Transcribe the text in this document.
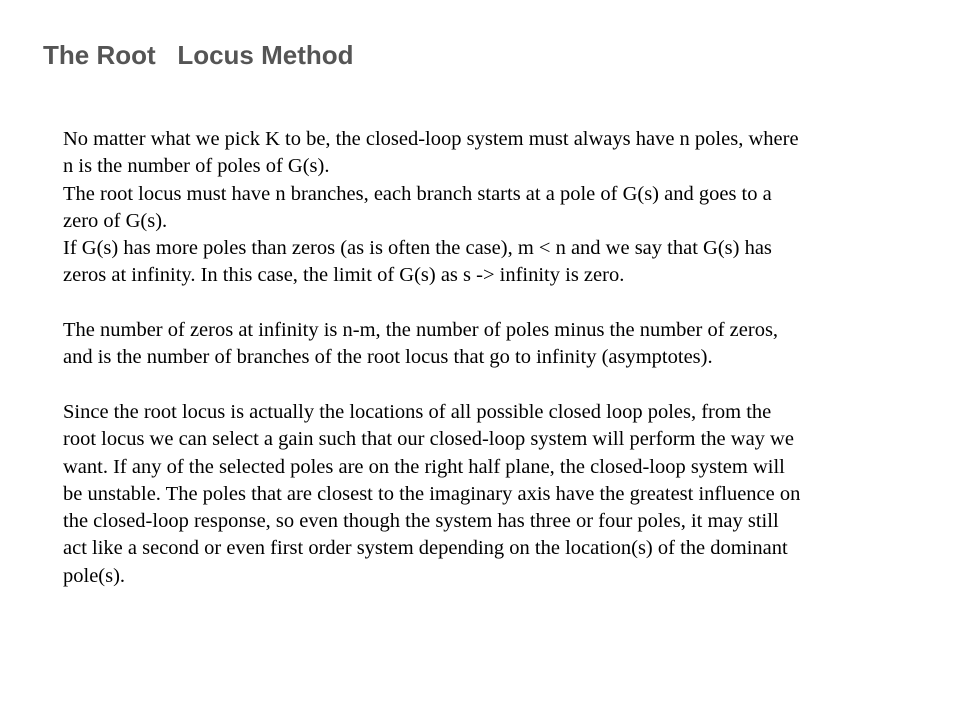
The Root   Locus Method

No matter what we pick K to be, the closed-loop system must always have n poles, where
n is the number of poles of G(s).
The root locus must have n branches, each branch starts at a pole of G(s) and goes to a
zero of G(s).
If G(s) has more poles than zeros (as is often the case), m < n and we say that G(s) has
zeros at infinity. In this case, the limit of G(s) as s -> infinity is zero.

The number of zeros at infinity is n-m, the number of poles minus the number of zeros,
and is the number of branches of the root locus that go to infinity (asymptotes).

Since the root locus is actually the locations of all possible closed loop poles, from the
root locus we can select a gain such that our closed-loop system will perform the way we
want. If any of the selected poles are on the right half plane, the closed-loop system will
be unstable. The poles that are closest to the imaginary axis have the greatest influence on
the closed-loop response, so even though the system has three or four poles, it may still
act like a second or even first order system depending on the location(s) of the dominant
pole(s).
